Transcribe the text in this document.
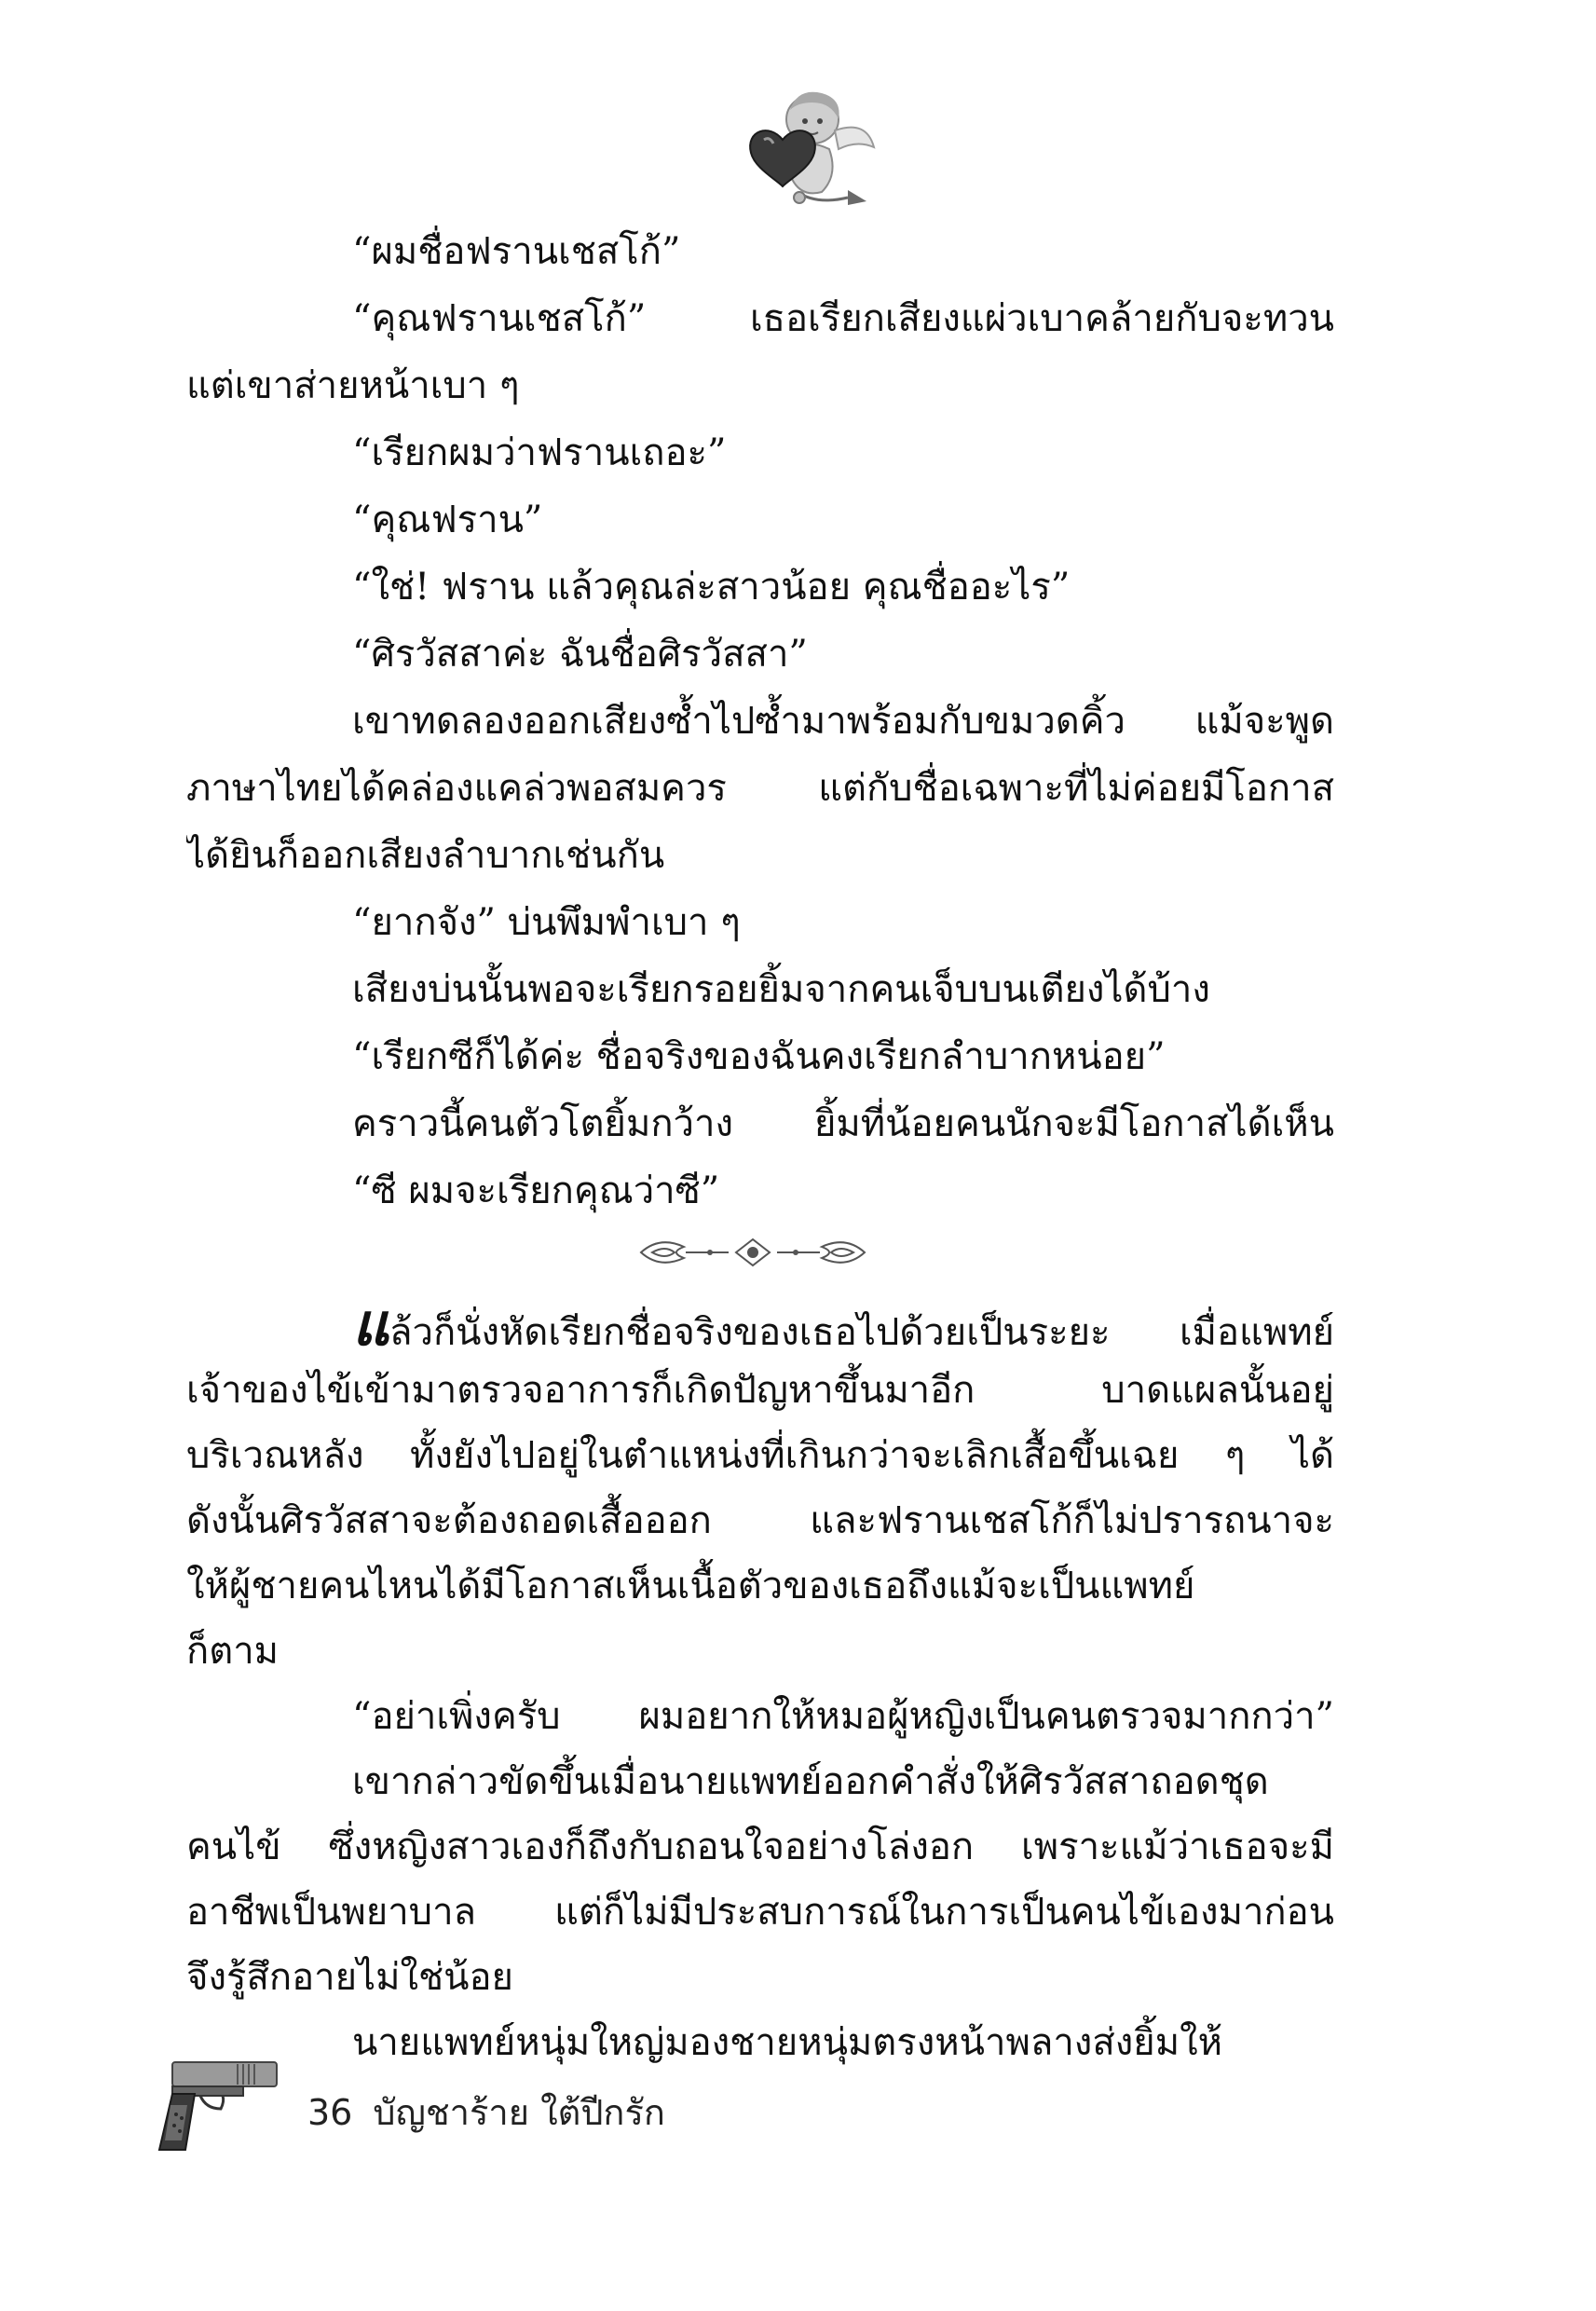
“ผมชื่อฟรานเชสโก้”
“คุณฟรานเชสโก้” เธอเรียกเสียงแผ่วเบาคล้ายกับจะทวน
แต่เขาส่ายหน้าเบา ๆ
“เรียกผมว่าฟรานเถอะ”
“คุณฟราน”
“ใช่! ฟราน แล้วคุณล่ะสาวน้อย คุณชื่ออะไร”
“ศิรวัสสาค่ะ ฉันชื่อศิรวัสสา”
เขาทดลองออกเสียงซ้ำไปซ้ำมาพร้อมกับขมวดคิ้ว แม้จะพูด
ภาษาไทยได้คล่องแคล่วพอสมควร แต่กับชื่อเฉพาะที่ไม่ค่อยมีโอกาส
ได้ยินก็ออกเสียงลำบากเช่นกัน
“ยากจัง” บ่นพึมพำเบา ๆ
เสียงบ่นนั้นพอจะเรียกรอยยิ้มจากคนเจ็บบนเตียงได้บ้าง
“เรียกซีก็ได้ค่ะ ชื่อจริงของฉันคงเรียกลำบากหน่อย”
คราวนี้คนตัวโตยิ้มกว้าง ยิ้มที่น้อยคนนักจะมีโอกาสได้เห็น
“ซี ผมจะเรียกคุณว่าซี”
แล้วก็นั่งหัดเรียกชื่อจริงของเธอไปด้วยเป็นระยะ เมื่อแพทย์
เจ้าของไข้เข้ามาตรวจอาการก็เกิดปัญหาขึ้นมาอีก บาดแผลนั้นอยู่
บริเวณหลัง ทั้งยังไปอยู่ในตำแหน่งที่เกินกว่าจะเลิกเสื้อขึ้นเฉย ๆ ได้
ดังนั้นศิรวัสสาจะต้องถอดเสื้อออก และฟรานเชสโก้ก็ไม่ปรารถนาจะ
ให้ผู้ชายคนไหนได้มีโอกาสเห็นเนื้อตัวของเธอถึงแม้จะเป็นแพทย์
ก็ตาม
“อย่าเพิ่งครับ ผมอยากให้หมอผู้หญิงเป็นคนตรวจมากกว่า”
เขากล่าวขัดขึ้นเมื่อนายแพทย์ออกคำสั่งให้ศิรวัสสาถอดชุด
คนไข้ ซึ่งหญิงสาวเองก็ถึงกับถอนใจอย่างโล่งอก เพราะแม้ว่าเธอจะมี
อาชีพเป็นพยาบาล แต่ก็ไม่มีประสบการณ์ในการเป็นคนไข้เองมาก่อน
จึงรู้สึกอายไม่ใช่น้อย
นายแพทย์หนุ่มใหญ่มองชายหนุ่มตรงหน้าพลางส่งยิ้มให้
36 บัญชาร้าย ใต้ปีกรัก
